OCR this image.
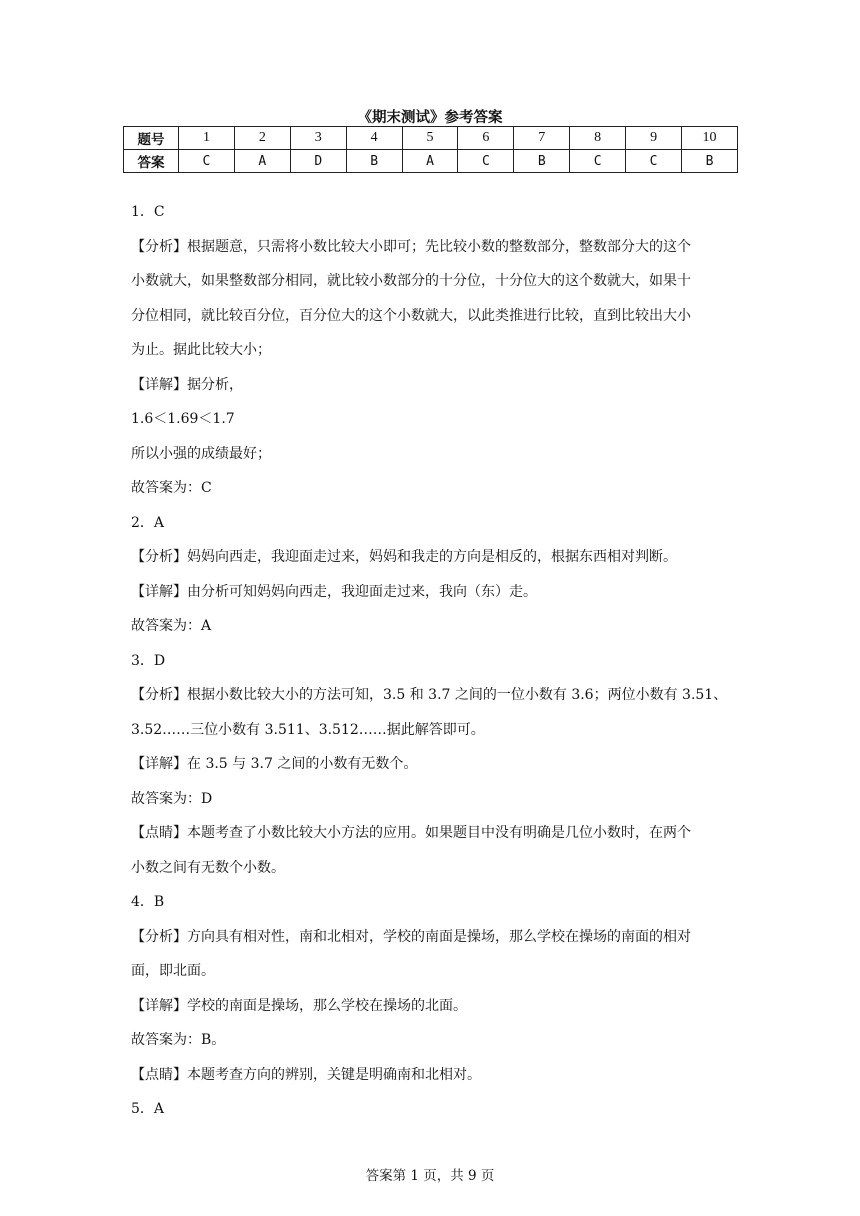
《期末测试》参考答案
题号	1	2	3	4	5	6	7	8	9	10
答案	C	A	D	B	A	C	B	C	C	B
1．C
【分析】根据题意，只需将小数比较大小即可；先比较小数的整数部分，整数部分大的这个
小数就大，如果整数部分相同，就比较小数部分的十分位，十分位大的这个数就大，如果十
分位相同，就比较百分位，百分位大的这个小数就大，以此类推进行比较，直到比较出大小
为止。据此比较大小；
【详解】据分析，
1.6＜1.69＜1.7
所以小强的成绩最好；
故答案为：C
2．A
【分析】妈妈向西走，我迎面走过来，妈妈和我走的方向是相反的，根据东西相对判断。
【详解】由分析可知妈妈向西走，我迎面走过来，我向（东）走。
故答案为：A
3．D
【分析】根据小数比较大小的方法可知，3.5 和 3.7 之间的一位小数有 3.6；两位小数有 3.51、
3.52……三位小数有 3.511、3.512……据此解答即可。
【详解】在 3.5 与 3.7 之间的小数有无数个。
故答案为：D
【点睛】本题考查了小数比较大小方法的应用。如果题目中没有明确是几位小数时，在两个
小数之间有无数个小数。
4．B
【分析】方向具有相对性，南和北相对，学校的南面是操场，那么学校在操场的南面的相对
面，即北面。
【详解】学校的南面是操场，那么学校在操场的北面。
故答案为：B。
【点睛】本题考查方向的辨别，关键是明确南和北相对。
5．A
答案第 1 页，共 9 页
